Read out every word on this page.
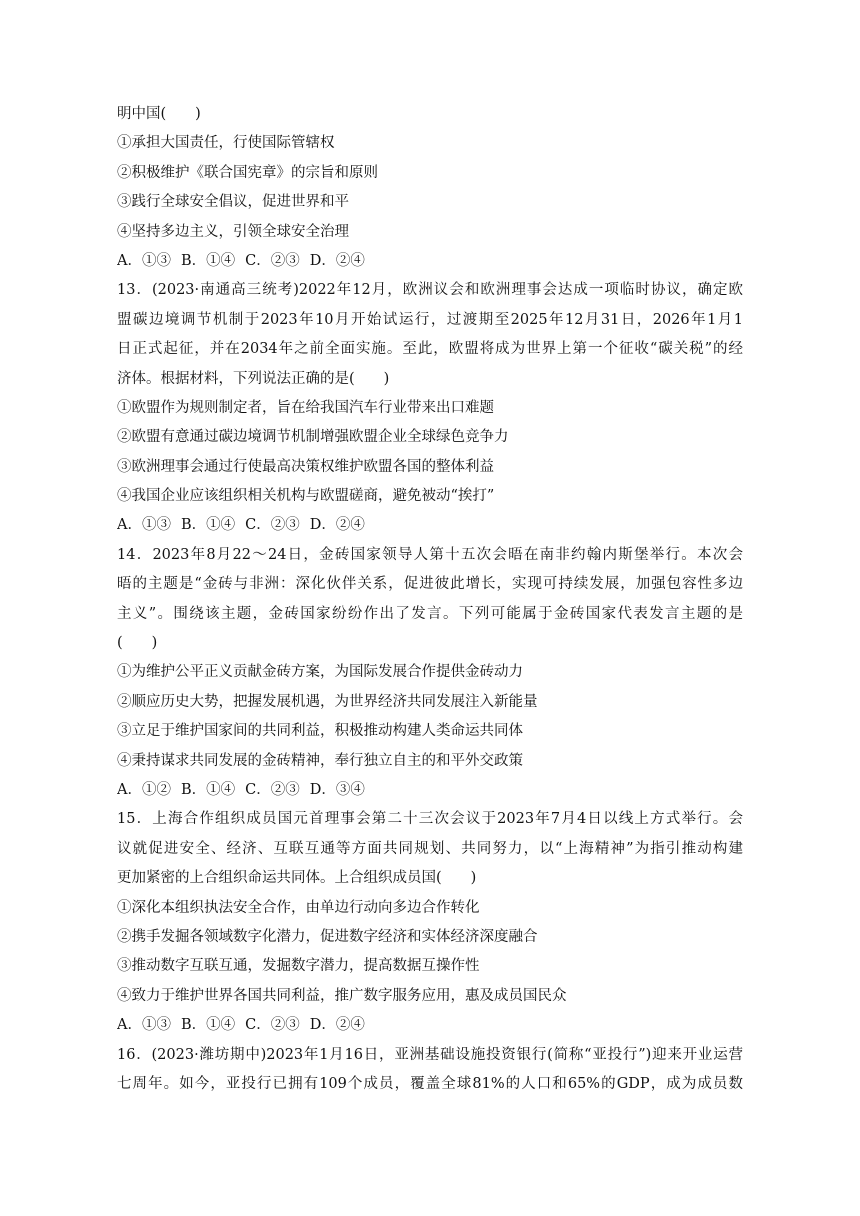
明中国(　　)
①承担大国责任，行使国际管辖权
②积极维护《联合国宪章》的宗旨和原则
③践行全球安全倡议，促进世界和平
④坚持多边主义，引领全球安全治理
A．①③ B．①④ C．②③ D．②④
13．(2023·南通高三统考)2022年12月，欧洲议会和欧洲理事会达成一项临时协议，确定欧
盟碳边境调节机制于2023年10月开始试运行，过渡期至2025年12月31日，2026年1月1
日正式起征，并在2034年之前全面实施。至此，欧盟将成为世界上第一个征收“碳关税”的经
济体。根据材料，下列说法正确的是(　　)
①欧盟作为规则制定者，旨在给我国汽车行业带来出口难题
②欧盟有意通过碳边境调节机制增强欧盟企业全球绿色竞争力
③欧洲理事会通过行使最高决策权维护欧盟各国的整体利益
④我国企业应该组织相关机构与欧盟磋商，避免被动“挨打”
A．①③ B．①④ C．②③ D．②④
14．2023年8月22～24日，金砖国家领导人第十五次会晤在南非约翰内斯堡举行。本次会
晤的主题是“金砖与非洲：深化伙伴关系，促进彼此增长，实现可持续发展，加强包容性多边
主义”。围绕该主题，金砖国家纷纷作出了发言。下列可能属于金砖国家代表发言主题的是
(　　)
①为维护公平正义贡献金砖方案，为国际发展合作提供金砖动力
②顺应历史大势，把握发展机遇，为世界经济共同发展注入新能量
③立足于维护国家间的共同利益，积极推动构建人类命运共同体
④秉持谋求共同发展的金砖精神，奉行独立自主的和平外交政策
A．①② B．①④ C．②③ D．③④
15．上海合作组织成员国元首理事会第二十三次会议于2023年7月4日以线上方式举行。会
议就促进安全、经济、互联互通等方面共同规划、共同努力，以“上海精神”为指引推动构建
更加紧密的上合组织命运共同体。上合组织成员国(　　)
①深化本组织执法安全合作，由单边行动向多边合作转化
②携手发掘各领域数字化潜力，促进数字经济和实体经济深度融合
③推动数字互联互通，发掘数字潜力，提高数据互操作性
④致力于维护世界各国共同利益，推广数字服务应用，惠及成员国民众
A．①③ B．①④ C．②③ D．②④
16．(2023·潍坊期中)2023年1月16日，亚洲基础设施投资银行(简称“亚投行”)迎来开业运营
七周年。如今，亚投行已拥有109个成员，覆盖全球81%的人口和65%的GDP，成为成员数
